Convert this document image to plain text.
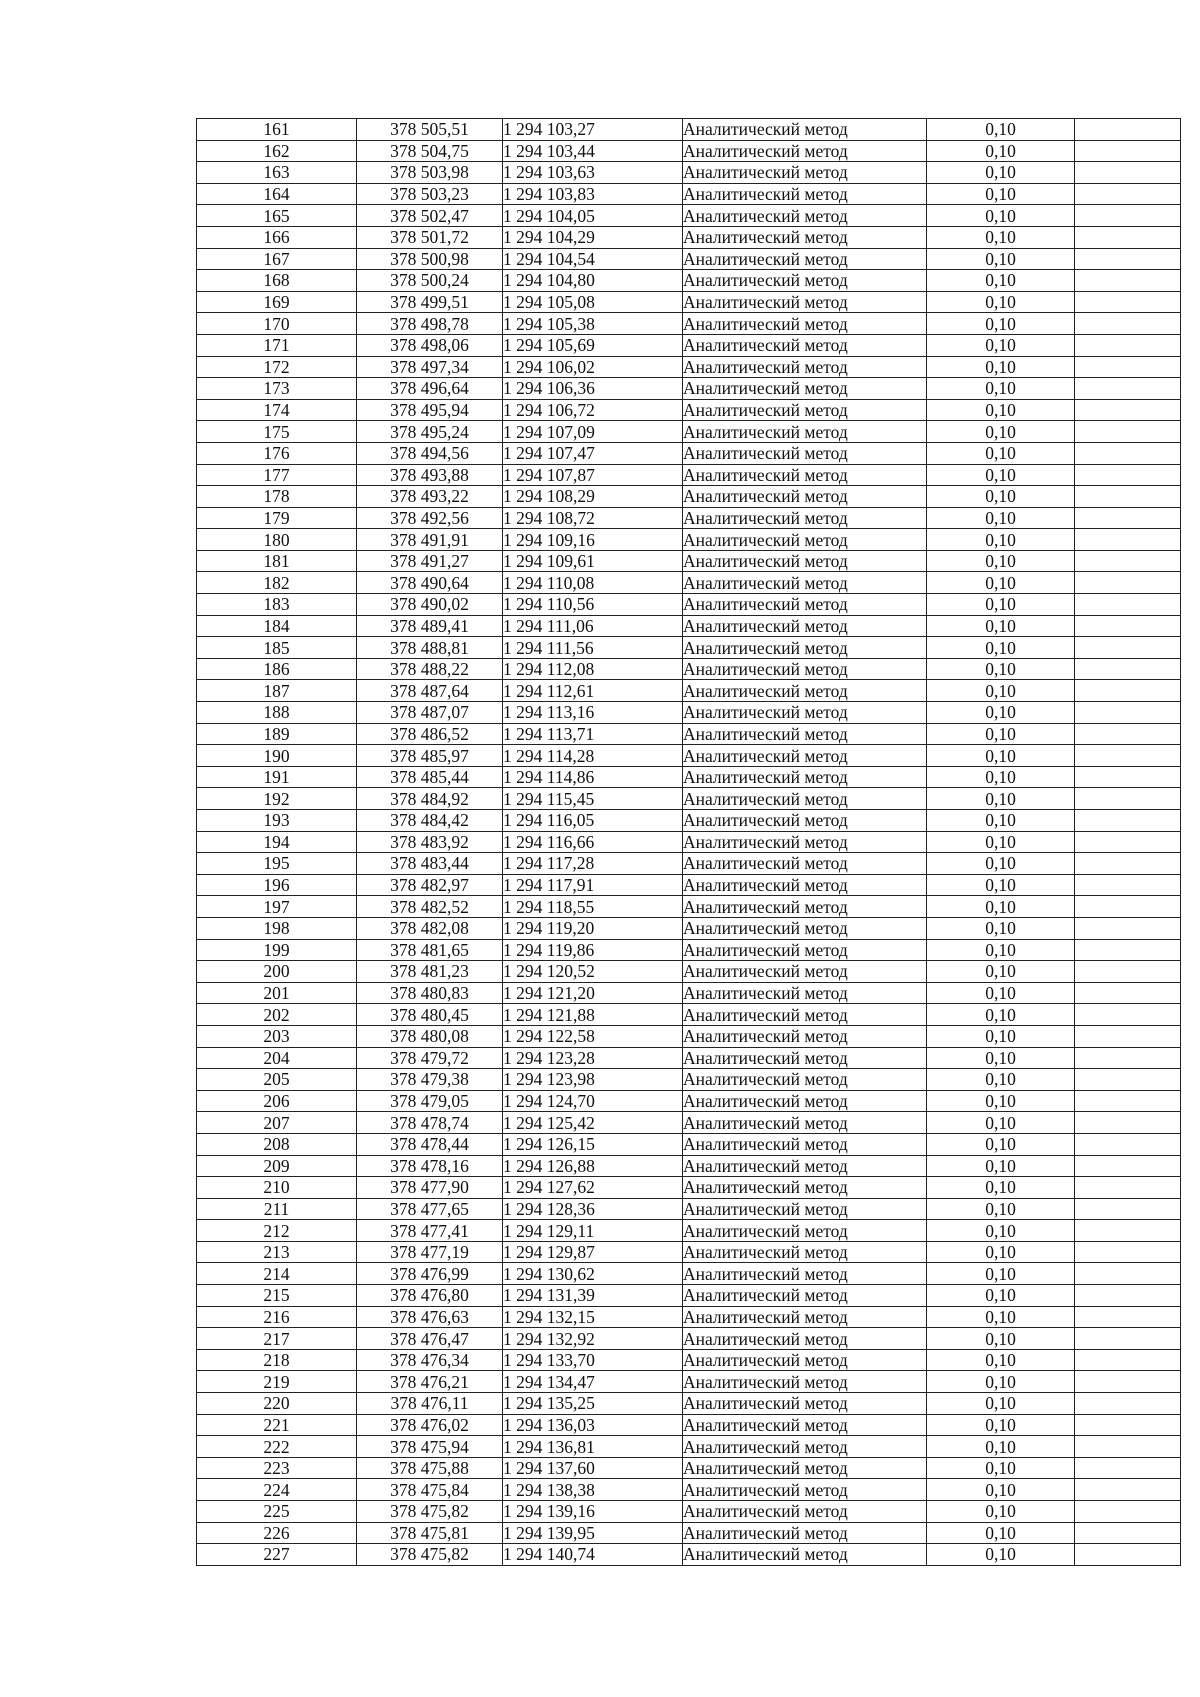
161	378 505,51	1 294 103,27	Аналитический метод	0,10	
162	378 504,75	1 294 103,44	Аналитический метод	0,10	
163	378 503,98	1 294 103,63	Аналитический метод	0,10	
164	378 503,23	1 294 103,83	Аналитический метод	0,10	
165	378 502,47	1 294 104,05	Аналитический метод	0,10	
166	378 501,72	1 294 104,29	Аналитический метод	0,10	
167	378 500,98	1 294 104,54	Аналитический метод	0,10	
168	378 500,24	1 294 104,80	Аналитический метод	0,10	
169	378 499,51	1 294 105,08	Аналитический метод	0,10	
170	378 498,78	1 294 105,38	Аналитический метод	0,10	
171	378 498,06	1 294 105,69	Аналитический метод	0,10	
172	378 497,34	1 294 106,02	Аналитический метод	0,10	
173	378 496,64	1 294 106,36	Аналитический метод	0,10	
174	378 495,94	1 294 106,72	Аналитический метод	0,10	
175	378 495,24	1 294 107,09	Аналитический метод	0,10	
176	378 494,56	1 294 107,47	Аналитический метод	0,10	
177	378 493,88	1 294 107,87	Аналитический метод	0,10	
178	378 493,22	1 294 108,29	Аналитический метод	0,10	
179	378 492,56	1 294 108,72	Аналитический метод	0,10	
180	378 491,91	1 294 109,16	Аналитический метод	0,10	
181	378 491,27	1 294 109,61	Аналитический метод	0,10	
182	378 490,64	1 294 110,08	Аналитический метод	0,10	
183	378 490,02	1 294 110,56	Аналитический метод	0,10	
184	378 489,41	1 294 111,06	Аналитический метод	0,10	
185	378 488,81	1 294 111,56	Аналитический метод	0,10	
186	378 488,22	1 294 112,08	Аналитический метод	0,10	
187	378 487,64	1 294 112,61	Аналитический метод	0,10	
188	378 487,07	1 294 113,16	Аналитический метод	0,10	
189	378 486,52	1 294 113,71	Аналитический метод	0,10	
190	378 485,97	1 294 114,28	Аналитический метод	0,10	
191	378 485,44	1 294 114,86	Аналитический метод	0,10	
192	378 484,92	1 294 115,45	Аналитический метод	0,10	
193	378 484,42	1 294 116,05	Аналитический метод	0,10	
194	378 483,92	1 294 116,66	Аналитический метод	0,10	
195	378 483,44	1 294 117,28	Аналитический метод	0,10	
196	378 482,97	1 294 117,91	Аналитический метод	0,10	
197	378 482,52	1 294 118,55	Аналитический метод	0,10	
198	378 482,08	1 294 119,20	Аналитический метод	0,10	
199	378 481,65	1 294 119,86	Аналитический метод	0,10	
200	378 481,23	1 294 120,52	Аналитический метод	0,10	
201	378 480,83	1 294 121,20	Аналитический метод	0,10	
202	378 480,45	1 294 121,88	Аналитический метод	0,10	
203	378 480,08	1 294 122,58	Аналитический метод	0,10	
204	378 479,72	1 294 123,28	Аналитический метод	0,10	
205	378 479,38	1 294 123,98	Аналитический метод	0,10	
206	378 479,05	1 294 124,70	Аналитический метод	0,10	
207	378 478,74	1 294 125,42	Аналитический метод	0,10	
208	378 478,44	1 294 126,15	Аналитический метод	0,10	
209	378 478,16	1 294 126,88	Аналитический метод	0,10	
210	378 477,90	1 294 127,62	Аналитический метод	0,10	
211	378 477,65	1 294 128,36	Аналитический метод	0,10	
212	378 477,41	1 294 129,11	Аналитический метод	0,10	
213	378 477,19	1 294 129,87	Аналитический метод	0,10	
214	378 476,99	1 294 130,62	Аналитический метод	0,10	
215	378 476,80	1 294 131,39	Аналитический метод	0,10	
216	378 476,63	1 294 132,15	Аналитический метод	0,10	
217	378 476,47	1 294 132,92	Аналитический метод	0,10	
218	378 476,34	1 294 133,70	Аналитический метод	0,10	
219	378 476,21	1 294 134,47	Аналитический метод	0,10	
220	378 476,11	1 294 135,25	Аналитический метод	0,10	
221	378 476,02	1 294 136,03	Аналитический метод	0,10	
222	378 475,94	1 294 136,81	Аналитический метод	0,10	
223	378 475,88	1 294 137,60	Аналитический метод	0,10	
224	378 475,84	1 294 138,38	Аналитический метод	0,10	
225	378 475,82	1 294 139,16	Аналитический метод	0,10	
226	378 475,81	1 294 139,95	Аналитический метод	0,10	
227	378 475,82	1 294 140,74	Аналитический метод	0,10	
